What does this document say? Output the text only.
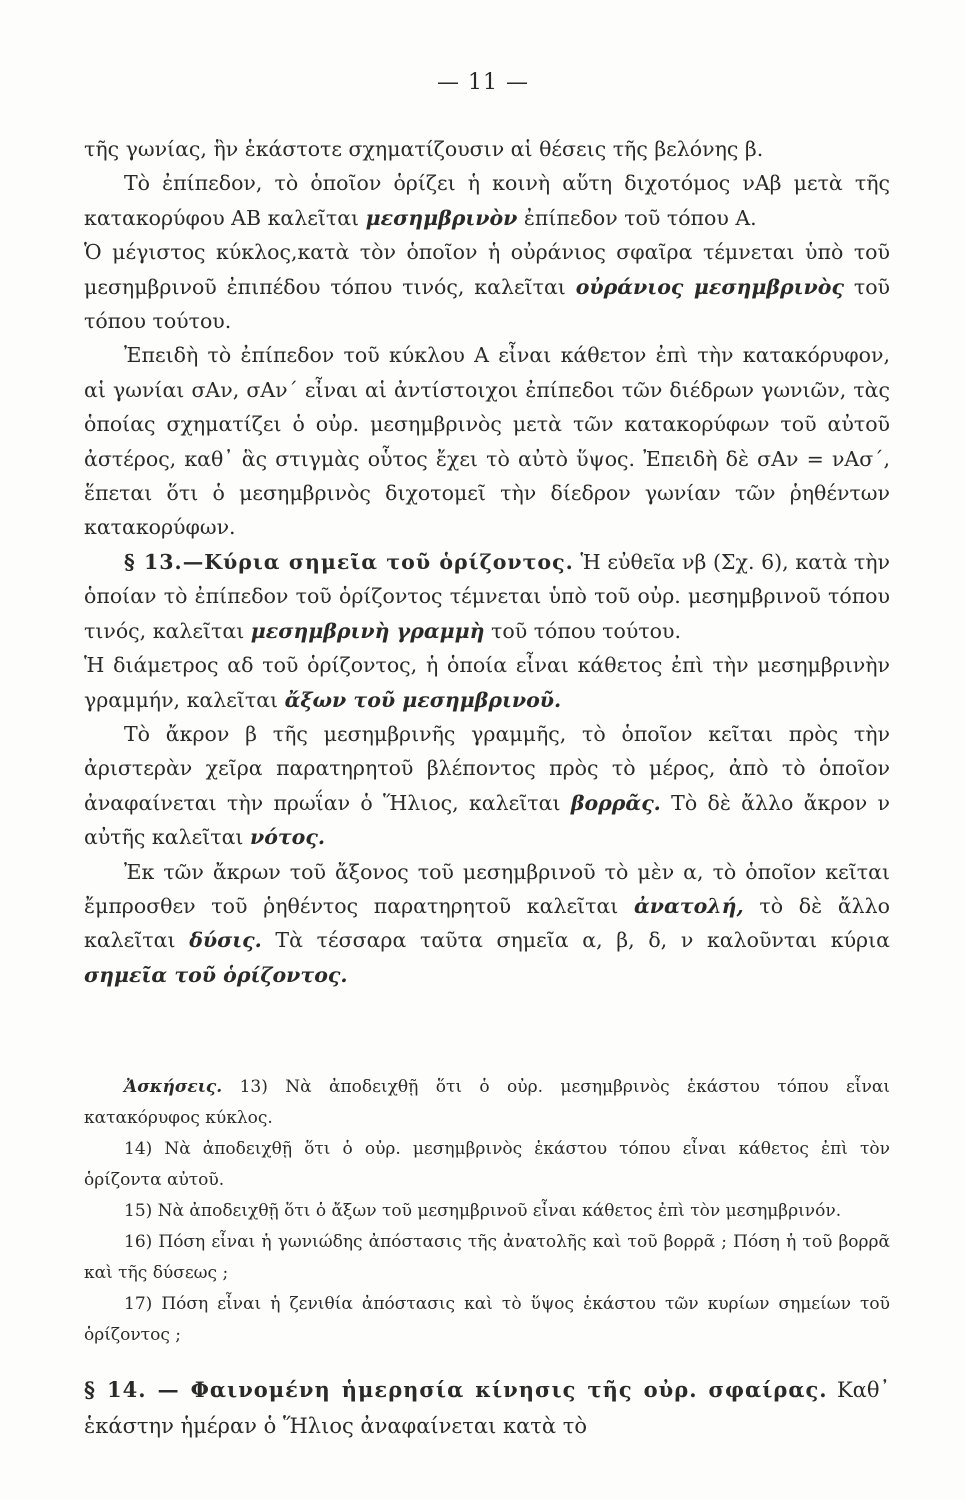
— 11 —

τῆς γωνίας, ἣν ἑκάστοτε σχηματίζουσιν αἱ θέσεις τῆς βελόνης β.

Τὸ ἐπίπεδον, τὸ ὁποῖον ὁρίζει ἡ κοινὴ αὕτη διχοτόμος νΑβ μετὰ τῆς κατακορύφου ΑΒ καλεῖται μεσημβρινὸν ἐπίπεδον τοῦ τόπου Α.

Ὁ μέγιστος κύκλος,κατὰ τὸν ὁποῖον ἡ οὐράνιος σφαῖρα τέμνεται ὑπὸ τοῦ μεσημβρινοῦ ἐπιπέδου τόπου τινός, καλεῖται οὐράνιος μεσημβρινὸς τοῦ τόπου τούτου.

Ἐπειδὴ τὸ ἐπίπεδον τοῦ κύκλου Α εἶναι κάθετον ἐπὶ τὴν κατακόρυφον, αἱ γωνίαι σΑν, σΑν΄ εἶναι αἱ ἀντίστοιχοι ἐπίπεδοι τῶν διέδρων γωνιῶν, τὰς ὁποίας σχηματίζει ὁ οὐρ. μεσημβρινὸς μετὰ τῶν κατακορύφων τοῦ αὐτοῦ ἀστέρος, καθ᾽ ἃς στιγμὰς οὗτος ἔχει τὸ αὐτὸ ὕψος. Ἐπειδὴ δὲ σΑν = νΑσ΄, ἕπεται ὅτι ὁ μεσημβρινὸς διχοτομεῖ τὴν δίεδρον γωνίαν τῶν ῥηθέντων κατακορύφων.

§ 13.—Κύρια σημεῖα τοῦ ὁρίζοντος. Ἡ εὐθεῖα νβ (Σχ. 6), κατὰ τὴν ὁποίαν τὸ ἐπίπεδον τοῦ ὁρίζοντος τέμνεται ὑπὸ τοῦ οὐρ. μεσημβρινοῦ τόπου τινός, καλεῖται μεσημβρινὴ γραμμὴ τοῦ τόπου τούτου.

Ἡ διάμετρος αδ τοῦ ὁρίζοντος, ἡ ὁποία εἶναι κάθετος ἐπὶ τὴν μεσημβρινὴν γραμμήν, καλεῖται ἄξων τοῦ μεσημβρινοῦ.

Τὸ ἄκρον β τῆς μεσημβρινῆς γραμμῆς, τὸ ὁποῖον κεῖται πρὸς τὴν ἀριστερὰν χεῖρα παρατηρητοῦ βλέποντος πρὸς τὸ μέρος, ἀπὸ τὸ ὁποῖον ἀναφαίνεται τὴν πρωΐαν ὁ Ἥλιος, καλεῖται βορρᾶς. Τὸ δὲ ἄλλο ἄκρον ν αὐτῆς καλεῖται νότος.

Ἐκ τῶν ἄκρων τοῦ ἄξονος τοῦ μεσημβρινοῦ τὸ μὲν α, τὸ ὁποῖον κεῖται ἔμπροσθεν τοῦ ῥηθέντος παρατηρητοῦ καλεῖται ἀνατολή, τὸ δὲ ἄλλο καλεῖται δύσις. Τὰ τέσσαρα ταῦτα σημεῖα α, β, δ, ν καλοῦνται κύρια σημεῖα τοῦ ὁρίζοντος.

Ἀσκήσεις. 13) Νὰ ἀποδειχθῇ ὅτι ὁ οὐρ. μεσημβρινὸς ἑκάστου τόπου εἶναι κατακόρυφος κύκλος.

14) Νὰ ἀποδειχθῇ ὅτι ὁ οὐρ. μεσημβρινὸς ἑκάστου τόπου εἶναι κάθετος ἐπὶ τὸν ὁρίζοντα αὐτοῦ.

15) Νὰ ἀποδειχθῇ ὅτι ὁ ἄξων τοῦ μεσημβρινοῦ εἶναι κάθετος ἐπὶ τὸν μεσημβρινόν.

16) Πόση εἶναι ἡ γωνιώδης ἀπόστασις τῆς ἀνατολῆς καὶ τοῦ βορρᾶ ; Πόση ἡ τοῦ βορρᾶ καὶ τῆς δύσεως ;

17) Πόση εἶναι ἡ ζενιθία ἀπόστασις καὶ τὸ ὕψος ἑκάστου τῶν κυρίων σημείων τοῦ ὁρίζοντος ;

§ 14. — Φαινομένη ἡμερησία κίνησις τῆς οὐρ. σφαίρας. Καθ᾽ ἑκάστην ἡμέραν ὁ Ἥλιος ἀναφαίνεται κατὰ τὸ
